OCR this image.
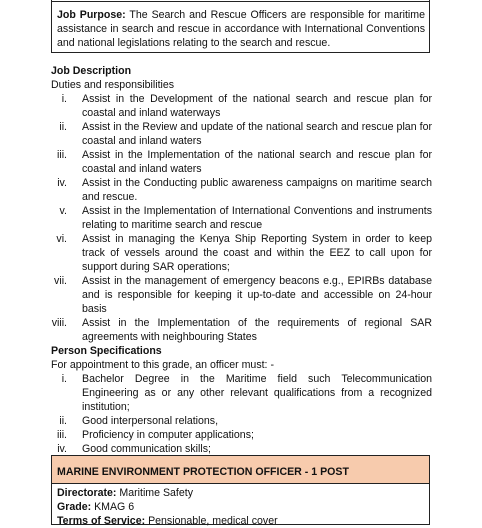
Job Purpose: The Search and Rescue Officers are responsible for maritime assistance in search and rescue in accordance with International Conventions and national legislations relating to the search and rescue.
Job Description
Duties and responsibilities
i. Assist in the Development of the national search and rescue plan for coastal and inland waterways
ii. Assist in the Review and update of the national search and rescue plan for coastal and inland waters
iii. Assist in the Implementation of the national search and rescue plan for coastal and inland waters
iv. Assist in the Conducting public awareness campaigns on maritime search and rescue.
v. Assist in the Implementation of International Conventions and instruments relating to maritime search and rescue
vi. Assist in managing the Kenya Ship Reporting System in order to keep track of vessels around the coast and within the EEZ to call upon for support during SAR operations;
vii. Assist in the management of emergency beacons e.g., EPIRBs database and is responsible for keeping it up-to-date and accessible on 24-hour basis
viii. Assist in the Implementation of the requirements of regional SAR agreements with neighbouring States
Person Specifications
For appointment to this grade, an officer must: -
i. Bachelor Degree in the Maritime field such Telecommunication Engineering as or any other relevant qualifications from a recognized institution;
ii. Good interpersonal relations,
iii. Proficiency in computer applications;
iv. Good communication skills;
MARINE ENVIRONMENT PROTECTION OFFICER - 1 POST
Directorate: Maritime Safety
Grade: KMAG 6
Terms of Service: Pensionable, medical cover
